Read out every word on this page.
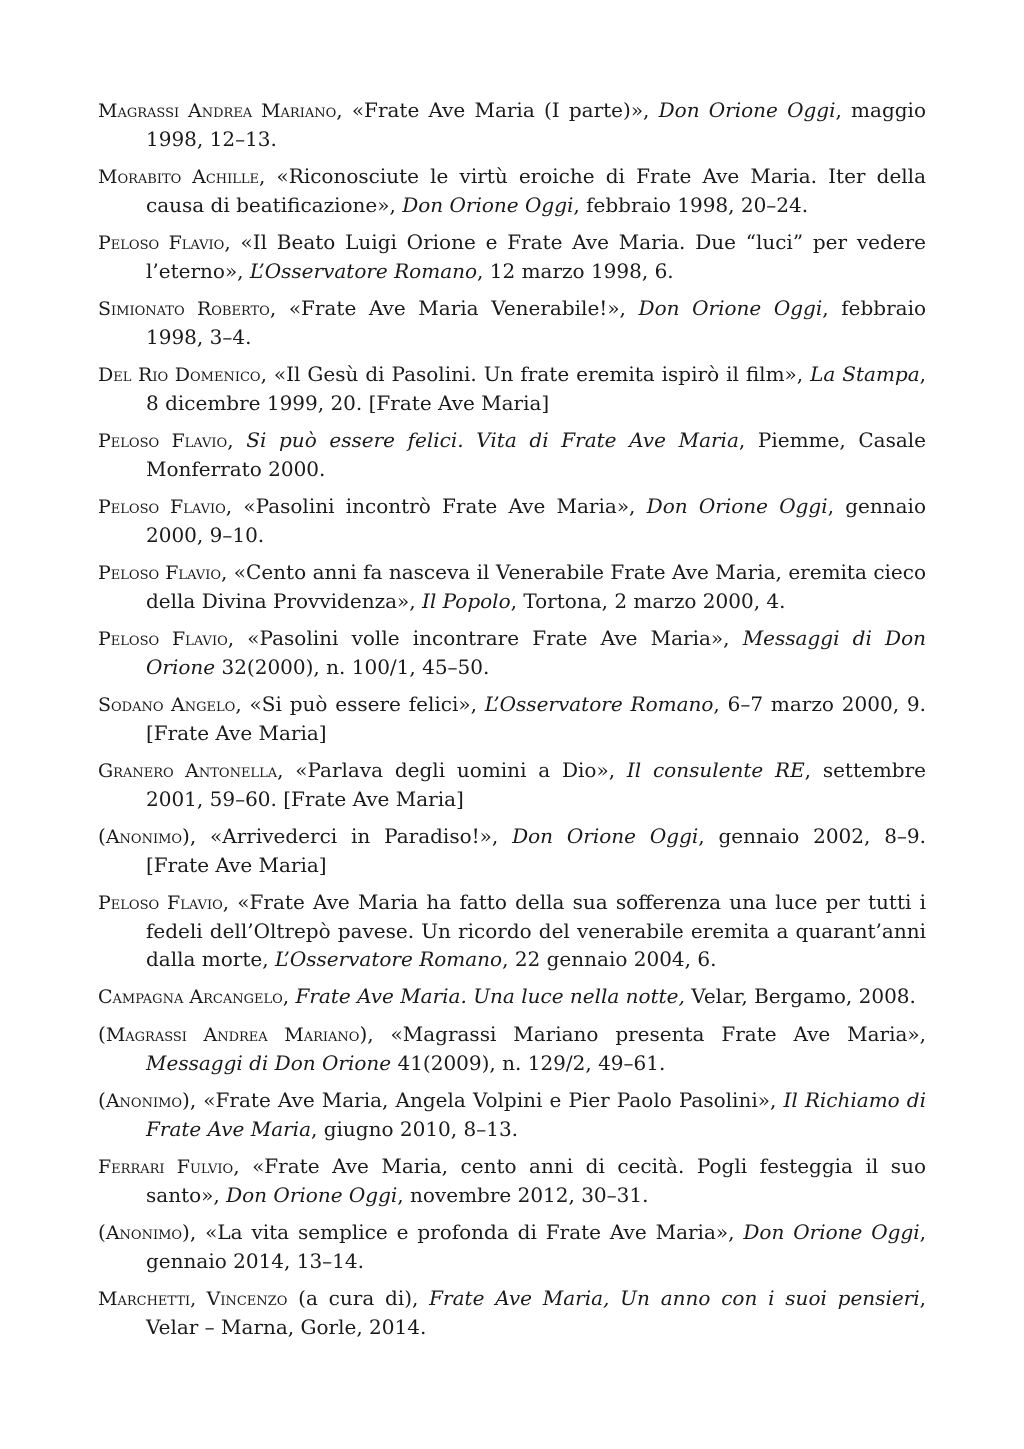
Magrassi Andrea Mariano, «Frate Ave Maria (I parte)», Don Orione Oggi, maggio 1998, 12–13.

Morabito Achille, «Riconosciute le virtù eroiche di Frate Ave Maria. Iter della causa di beatificazione», Don Orione Oggi, febbraio 1998, 20–24.

Peloso Flavio, «Il Beato Luigi Orione e Frate Ave Maria. Due “luci” per vedere l’eterno», L’Osservatore Romano, 12 marzo 1998, 6.

Simionato Roberto, «Frate Ave Maria Venerabile!», Don Orione Oggi, febbraio 1998, 3–4.

Del Rio Domenico, «Il Gesù di Pasolini. Un frate eremita ispirò il film», La Stampa, 8 dicembre 1999, 20. [Frate Ave Maria]

Peloso Flavio, Si può essere felici. Vita di Frate Ave Maria, Piemme, Casale Monferrato 2000.

Peloso Flavio, «Pasolini incontrò Frate Ave Maria», Don Orione Oggi, gennaio 2000, 9–10.

Peloso Flavio, «Cento anni fa nasceva il Venerabile Frate Ave Maria, eremita cieco della Divina Provvidenza», Il Popolo, Tortona, 2 marzo 2000, 4.

Peloso Flavio, «Pasolini volle incontrare Frate Ave Maria», Messaggi di Don Orione 32(2000), n. 100/1, 45–50.

Sodano Angelo, «Si può essere felici», L’Osservatore Romano, 6–7 marzo 2000, 9. [Frate Ave Maria]

Granero Antonella, «Parlava degli uomini a Dio», Il consulente RE, settembre 2001, 59–60. [Frate Ave Maria]

(Anonimo), «Arrivederci in Paradiso!», Don Orione Oggi, gennaio 2002, 8–9. [Frate Ave Maria]

Peloso Flavio, «Frate Ave Maria ha fatto della sua sofferenza una luce per tutti i fedeli dell’Oltrepò pavese. Un ricordo del venerabile eremita a quarant’anni dalla morte, L’Osservatore Romano, 22 gennaio 2004, 6.

Campagna Arcangelo, Frate Ave Maria. Una luce nella notte, Velar, Bergamo, 2008.

(Magrassi Andrea Mariano), «Magrassi Mariano presenta Frate Ave Maria», Messaggi di Don Orione 41(2009), n. 129/2, 49–61.

(Anonimo), «Frate Ave Maria, Angela Volpini e Pier Paolo Pasolini», Il Richiamo di Frate Ave Maria, giugno 2010, 8–13.

Ferrari Fulvio, «Frate Ave Maria, cento anni di cecità. Pogli festeggia il suo santo», Don Orione Oggi, novembre 2012, 30–31.

(Anonimo), «La vita semplice e profonda di Frate Ave Maria», Don Orione Oggi, gennaio 2014, 13–14.

Marchetti, Vincenzo (a cura di), Frate Ave Maria, Un anno con i suoi pensieri, Velar – Marna, Gorle, 2014.
